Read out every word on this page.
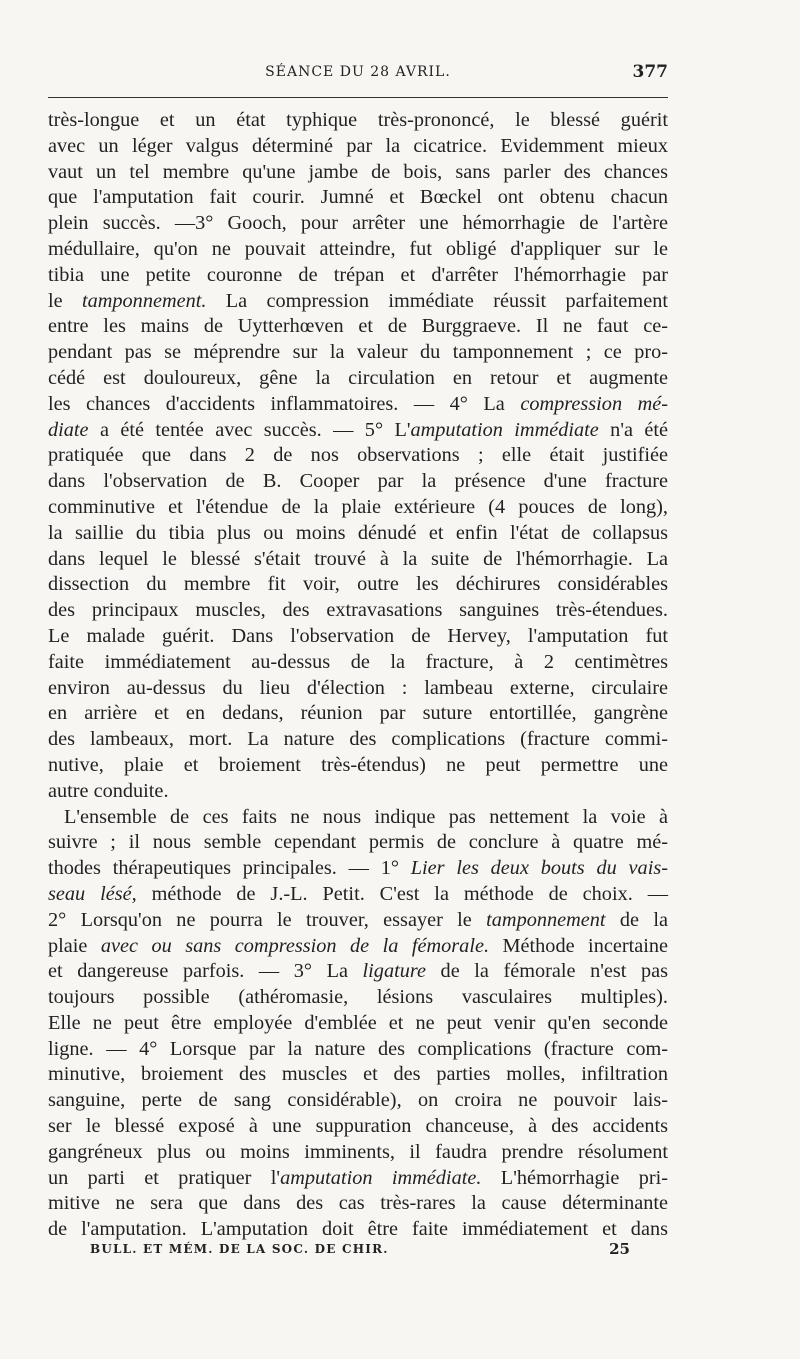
SÉANCE DU 28 AVRIL.	377

très-longue et un état typhique très-prononcé, le blessé guérit
avec un léger valgus déterminé par la cicatrice. Evidemment mieux
vaut un tel membre qu'une jambe de bois, sans parler des chances
que l'amputation fait courir. Jumné et Bœckel ont obtenu chacun
plein succès. —3° Gooch, pour arrêter une hémorrhagie de l'artère
médullaire, qu'on ne pouvait atteindre, fut obligé d'appliquer sur le
tibia une petite couronne de trépan et d'arrêter l'hémorrhagie par
le tamponnement. La compression immédiate réussit parfaitement
entre les mains de Uytterhœven et de Burggraeve. Il ne faut ce-
pendant pas se méprendre sur la valeur du tamponnement ; ce pro-
cédé est douloureux, gêne la circulation en retour et augmente
les chances d'accidents inflammatoires. — 4° La compression mé-
diate a été tentée avec succès. — 5° L'amputation immédiate n'a été
pratiquée que dans 2 de nos observations ; elle était justifiée
dans l'observation de B. Cooper par la présence d'une fracture
comminutive et l'étendue de la plaie extérieure (4 pouces de long),
la saillie du tibia plus ou moins dénudé et enfin l'état de collapsus
dans lequel le blessé s'était trouvé à la suite de l'hémorrhagie. La
dissection du membre fit voir, outre les déchirures considérables
des principaux muscles, des extravasations sanguines très-étendues.
Le malade guérit. Dans l'observation de Hervey, l'amputation fut
faite immédiatement au-dessus de la fracture, à 2 centimètres
environ au-dessus du lieu d'élection : lambeau externe, circulaire
en arrière et en dedans, réunion par suture entortillée, gangrène
des lambeaux, mort. La nature des complications (fracture commi-
nutive, plaie et broiement très-étendus) ne peut permettre une
autre conduite.

L'ensemble de ces faits ne nous indique pas nettement la voie à
suivre ; il nous semble cependant permis de conclure à quatre mé-
thodes thérapeutiques principales. — 1° Lier les deux bouts du vais-
seau lésé, méthode de J.-L. Petit. C'est la méthode de choix. —
2° Lorsqu'on ne pourra le trouver, essayer le tamponnement de la
plaie avec ou sans compression de la fémorale. Méthode incertaine
et dangereuse parfois. — 3° La ligature de la fémorale n'est pas
toujours possible (athéromasie, lésions vasculaires multiples).
Elle ne peut être employée d'emblée et ne peut venir qu'en seconde
ligne. — 4° Lorsque par la nature des complications (fracture com-
minutive, broiement des muscles et des parties molles, infiltration
sanguine, perte de sang considérable), on croira ne pouvoir lais-
ser le blessé exposé à une suppuration chanceuse, à des accidents
gangréneux plus ou moins imminents, il faudra prendre résolument
un parti et pratiquer l'amputation immédiate. L'hémorrhagie pri-
mitive ne sera que dans des cas très-rares la cause déterminante
de l'amputation. L'amputation doit être faite immédiatement et dans

BULL. ET MÉM. DE LA SOC. DE CHIR.	25
